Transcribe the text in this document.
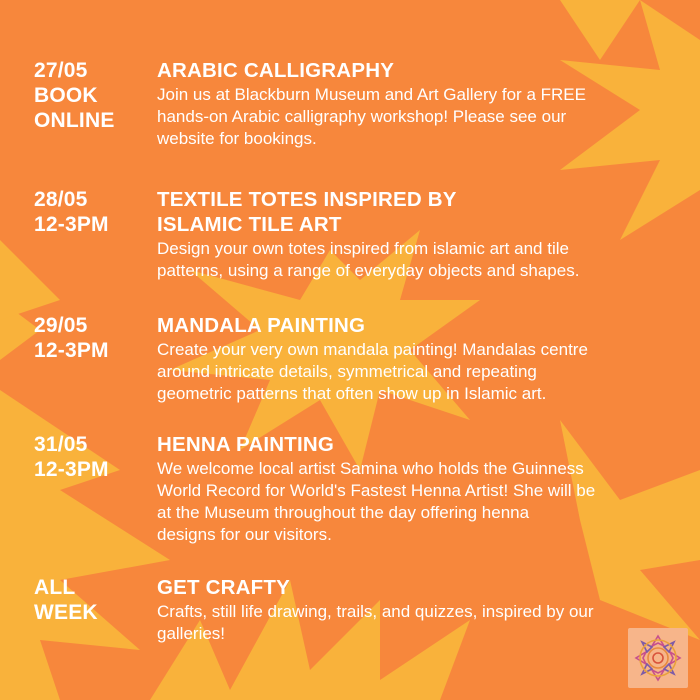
27/05
BOOK
ONLINE
ARABIC CALLIGRAPHY
Join us at Blackburn Museum and Art Gallery for a FREE
hands-on Arabic calligraphy workshop! Please see our
website for bookings.
28/05
12-3PM
TEXTILE TOTES INSPIRED BY
ISLAMIC TILE ART
Design your own totes inspired from islamic art and tile
patterns, using a range of everyday objects and shapes.
29/05
12-3PM
MANDALA PAINTING
Create your very own mandala painting! Mandalas centre
around intricate details, symmetrical and repeating
geometric patterns that often show up in Islamic art.
31/05
12-3PM
HENNA PAINTING
We welcome local artist Samina who holds the Guinness
World Record for World's Fastest Henna Artist! She will be
at the Museum throughout the day offering henna
designs for our visitors.
ALL
WEEK
GET CRAFTY
Crafts, still life drawing, trails, and quizzes, inspired by our
galleries!
